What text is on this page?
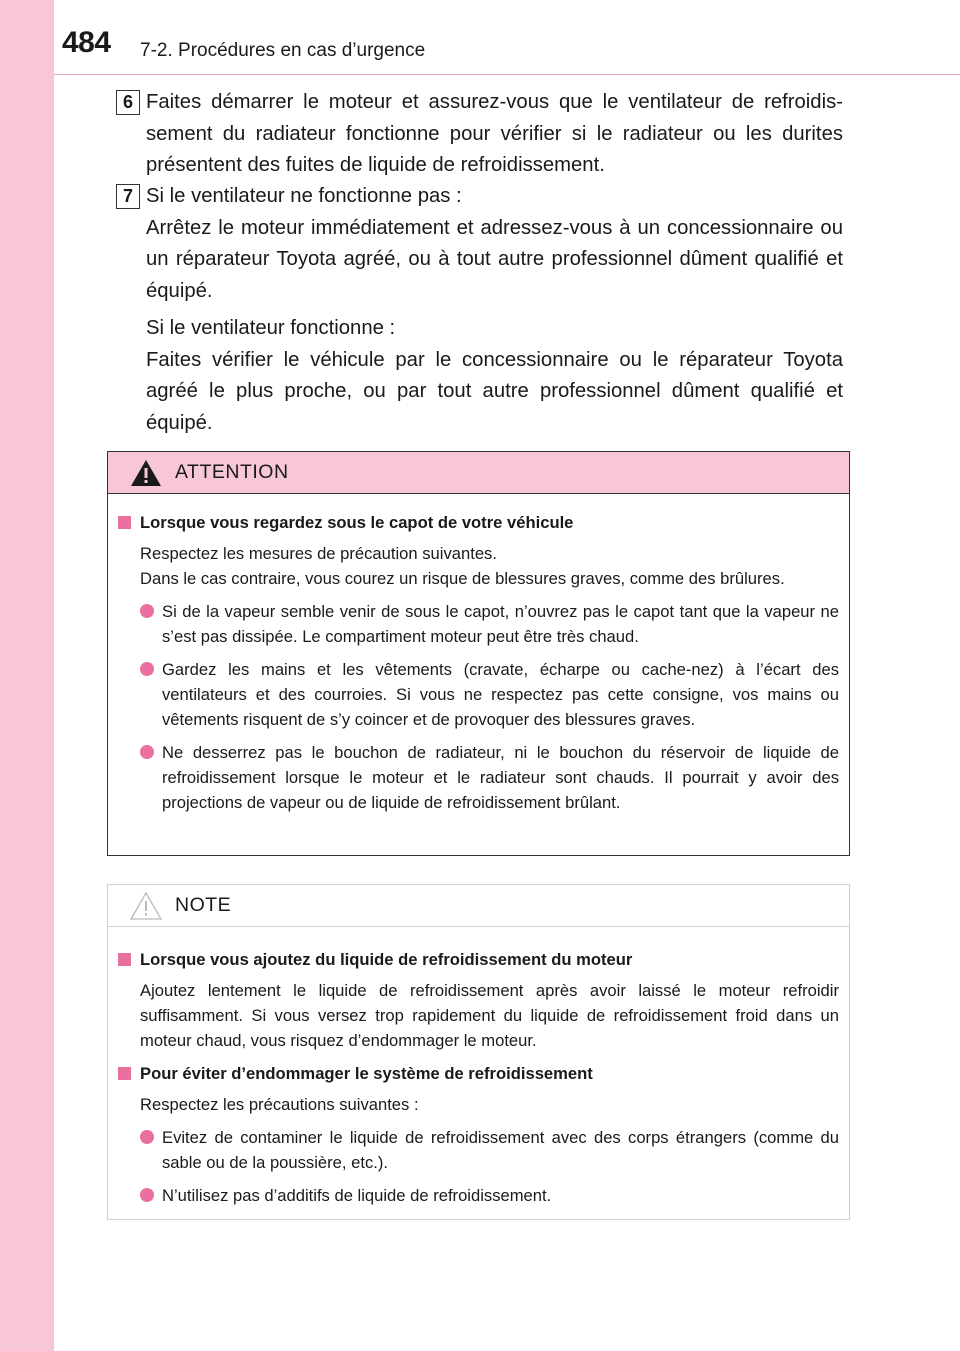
484 7-2. Procédures en cas d’urgence
6 Faites démarrer le moteur et assurez-vous que le ventilateur de refroidissement du radiateur fonctionne pour vérifier si le radiateur ou les durites présentent des fuites de liquide de refroidissement.

7 Si le ventilateur ne fonctionne pas :

Arrêtez le moteur immédiatement et adressez-vous à un concessionnaire ou un réparateur Toyota agréé, ou à tout autre professionnel dûment qualifié et équipé.

Si le ventilateur fonctionne :

Faites vérifier le véhicule par le concessionnaire ou le réparateur Toyota agréé le plus proche, ou par tout autre professionnel dûment qualifié et équipé.

ATTENTION
Lorsque vous regardez sous le capot de votre véhicule

Respectez les mesures de précaution suivantes.

Dans le cas contraire, vous courez un risque de blessures graves, comme des brûlures.

Si de la vapeur semble venir de sous le capot, n’ouvrez pas le capot tant que la vapeur ne s’est pas dissipée. Le compartiment moteur peut être très chaud.
Gardez les mains et les vêtements (cravate, écharpe ou cache-nez) à l’écart des ventilateurs et des courroies. Si vous ne respectez pas cette consigne, vos mains ou vêtements risquent de s’y coincer et de provoquer des blessures graves.
Ne desserrez pas le bouchon de radiateur, ni le bouchon du réservoir de liquide de refroidissement lorsque le moteur et le radiateur sont chauds. Il pourrait y avoir des projections de vapeur ou de liquide de refroidissement brûlant.
NOTE
Lorsque vous ajoutez du liquide de refroidissement du moteur

Ajoutez lentement le liquide de refroidissement après avoir laissé le moteur refroidir suffisamment. Si vous versez trop rapidement du liquide de refroidissement froid dans un moteur chaud, vous risquez d’endommager le moteur.

Pour éviter d’endommager le système de refroidissement

Respectez les précautions suivantes :

Evitez de contaminer le liquide de refroidissement avec des corps étrangers (comme du sable ou de la poussière, etc.).
N’utilisez pas d’additifs de liquide de refroidissement.
